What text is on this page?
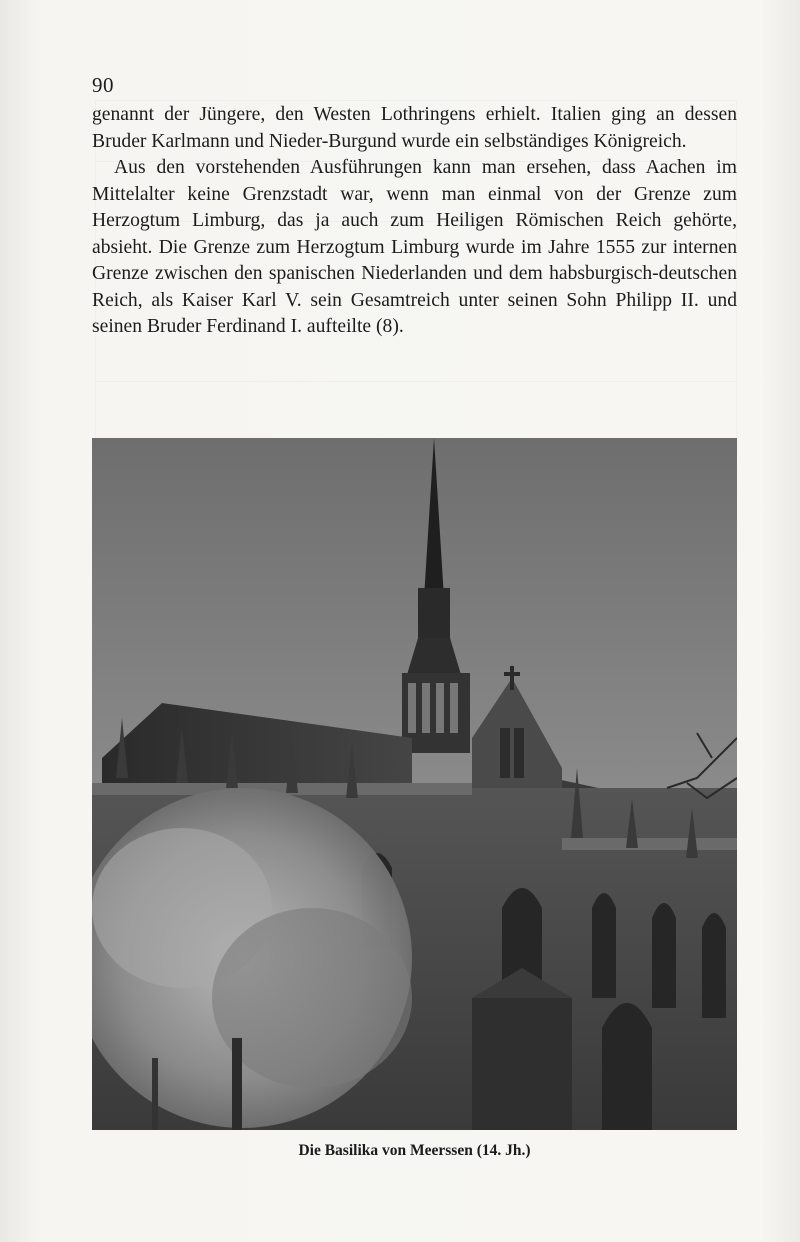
90

genannt der Jüngere, den Westen Lothringens erhielt. Italien ging an dessen Bruder Karlmann und Nieder-Burgund wurde ein selbständiges Königreich.

Aus den vorstehenden Ausführungen kann man ersehen, dass Aachen im Mittelalter keine Grenzstadt war, wenn man einmal von der Grenze zum Herzogtum Limburg, das ja auch zum Heiligen Römischen Reich gehörte, absieht. Die Grenze zum Herzogtum Limburg wurde im Jahre 1555 zur internen Grenze zwischen den spanischen Niederlanden und dem habsburgisch-deutschen Reich, als Kaiser Karl V. sein Gesamtreich unter seinen Sohn Philipp II. und seinen Bruder Ferdinand I. aufteilte (8).

Die Basilika von Meerssen (14. Jh.)
